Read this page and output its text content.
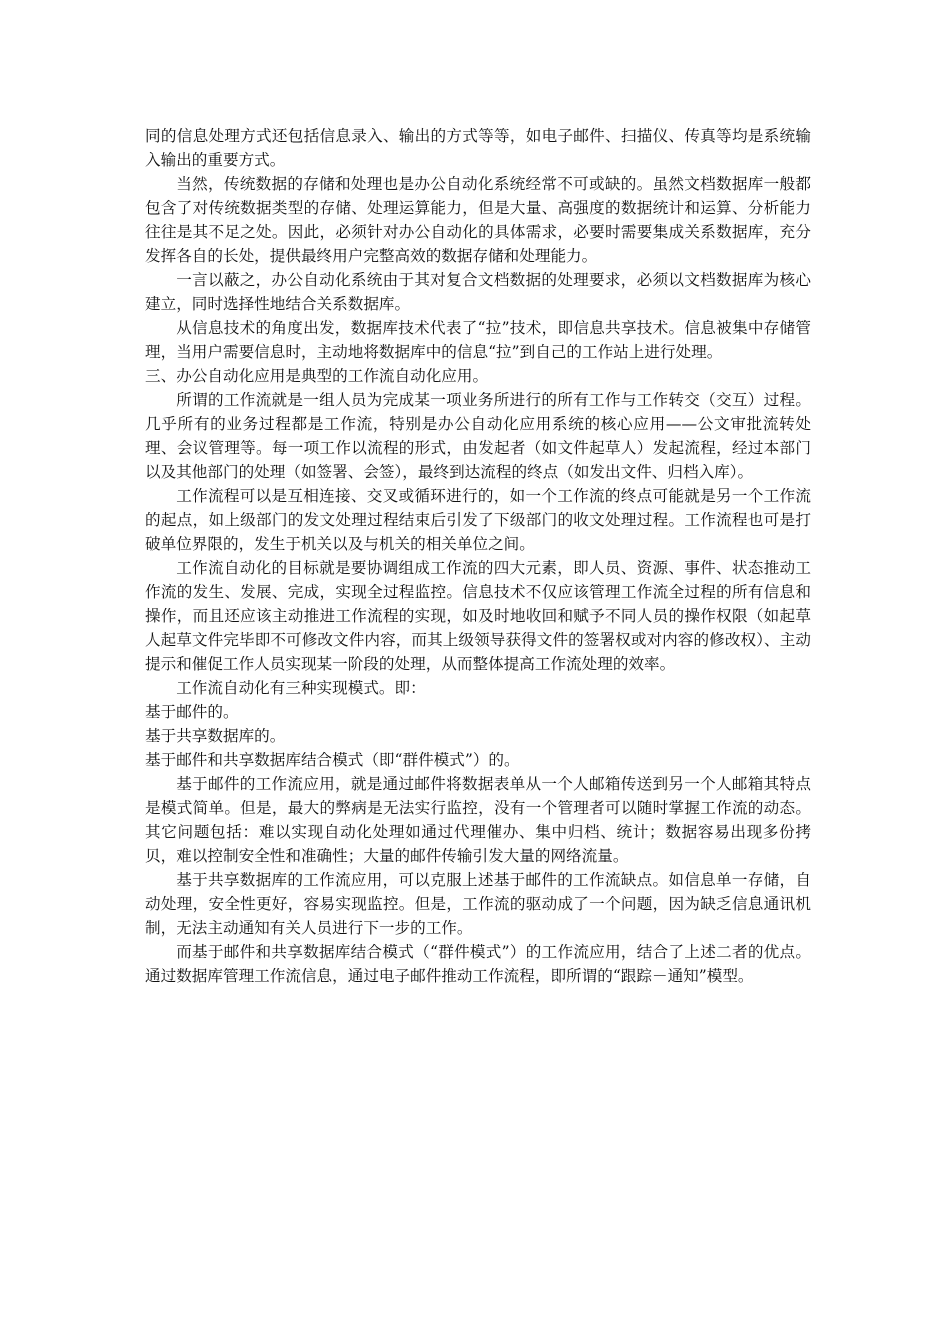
同的信息处理方式还包括信息录入、输出的方式等等，如电子邮件、扫描仪、传真等均是系统输入输出的重要方式。

当然，传统数据的存储和处理也是办公自动化系统经常不可或缺的。虽然文档数据库一般都包含了对传统数据类型的存储、处理运算能力，但是大量、高强度的数据统计和运算、分析能力往往是其不足之处。因此，必须针对办公自动化的具体需求，必要时需要集成关系数据库，充分发挥各自的长处，提供最终用户完整高效的数据存储和处理能力。

一言以蔽之，办公自动化系统由于其对复合文档数据的处理要求，必须以文档数据库为核心建立，同时选择性地结合关系数据库。

从信息技术的角度出发，数据库技术代表了“拉”技术，即信息共享技术。信息被集中存储管理，当用户需要信息时，主动地将数据库中的信息“拉”到自己的工作站上进行处理。

三、办公自动化应用是典型的工作流自动化应用。

所谓的工作流就是一组人员为完成某一项业务所进行的所有工作与工作转交（交互）过程。几乎所有的业务过程都是工作流，特别是办公自动化应用系统的核心应用——公文审批流转处理、会议管理等。每一项工作以流程的形式，由发起者（如文件起草人）发起流程，经过本部门以及其他部门的处理（如签署、会签），最终到达流程的终点（如发出文件、归档入库）。

工作流程可以是互相连接、交叉或循环进行的，如一个工作流的终点可能就是另一个工作流的起点，如上级部门的发文处理过程结束后引发了下级部门的收文处理过程。工作流程也可是打破单位界限的，发生于机关以及与机关的相关单位之间。

工作流自动化的目标就是要协调组成工作流的四大元素，即人员、资源、事件、状态推动工作流的发生、发展、完成，实现全过程监控。信息技术不仅应该管理工作流全过程的所有信息和操作，而且还应该主动推进工作流程的实现，如及时地收回和赋予不同人员的操作权限（如起草人起草文件完毕即不可修改文件内容，而其上级领导获得文件的签署权或对内容的修改权）、主动提示和催促工作人员实现某一阶段的处理，从而整体提高工作流处理的效率。

工作流自动化有三种实现模式。即：

基于邮件的。

基于共享数据库的。

基于邮件和共享数据库结合模式（即“群件模式”）的。

基于邮件的工作流应用，就是通过邮件将数据表单从一个人邮箱传送到另一个人邮箱其特点是模式简单。但是，最大的弊病是无法实行监控，没有一个管理者可以随时掌握工作流的动态。其它问题包括：难以实现自动化处理如通过代理催办、集中归档、统计；数据容易出现多份拷贝，难以控制安全性和准确性；大量的邮件传输引发大量的网络流量。

基于共享数据库的工作流应用，可以克服上述基于邮件的工作流缺点。如信息单一存储，自动处理，安全性更好，容易实现监控。但是，工作流的驱动成了一个问题，因为缺乏信息通讯机制，无法主动通知有关人员进行下一步的工作。

而基于邮件和共享数据库结合模式（“群件模式”）的工作流应用，结合了上述二者的优点。通过数据库管理工作流信息，通过电子邮件推动工作流程，即所谓的“跟踪－通知”模型。
